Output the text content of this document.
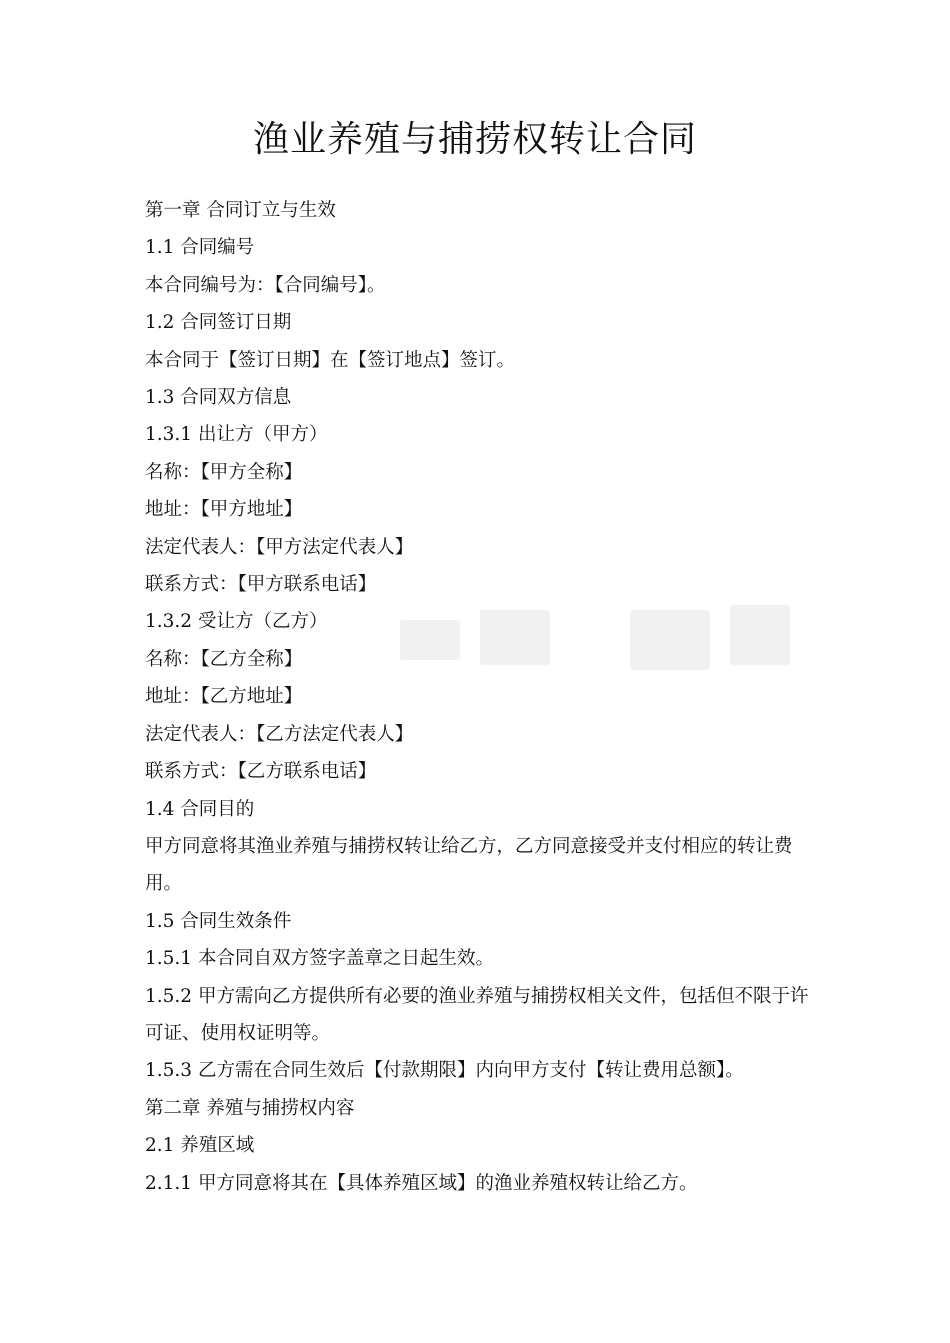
渔业养殖与捕捞权转让合同

第一章 合同订立与生效

1.1 合同编号

本合同编号为：【合同编号】。

1.2 合同签订日期

本合同于【签订日期】在【签订地点】签订。

1.3 合同双方信息

1.3.1 出让方（甲方）

名称：【甲方全称】

地址：【甲方地址】

法定代表人：【甲方法定代表人】

联系方式：【甲方联系电话】

1.3.2 受让方（乙方）

名称：【乙方全称】

地址：【乙方地址】

法定代表人：【乙方法定代表人】

联系方式：【乙方联系电话】

1.4 合同目的

甲方同意将其渔业养殖与捕捞权转让给乙方，乙方同意接受并支付相应的转让费用。

1.5 合同生效条件

1.5.1 本合同自双方签字盖章之日起生效。

1.5.2 甲方需向乙方提供所有必要的渔业养殖与捕捞权相关文件，包括但不限于许可证、使用权证明等。

1.5.3 乙方需在合同生效后【付款期限】内向甲方支付【转让费用总额】。

第二章 养殖与捕捞权内容

2.1 养殖区域

2.1.1 甲方同意将其在【具体养殖区域】的渔业养殖权转让给乙方。
